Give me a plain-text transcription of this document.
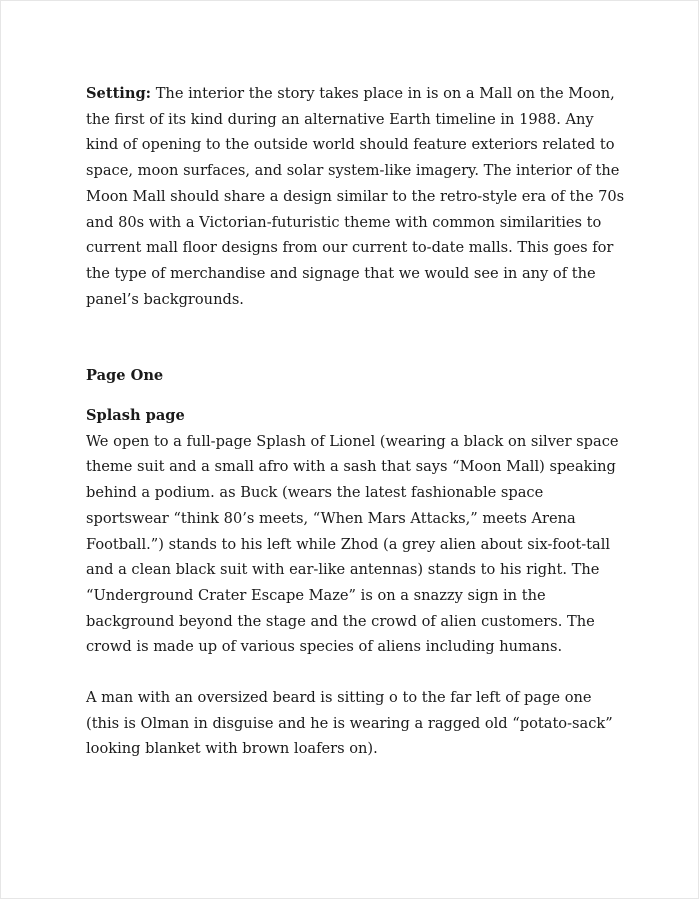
Setting: The interior the story takes place in is on a Mall on the Moon, the first of its kind during an alternative Earth timeline in 1988. Any kind of opening to the outside world should feature exteriors related to space, moon surfaces, and solar system-like imagery. The interior of the Moon Mall should share a design similar to the retro-style era of the 70s and 80s with a Victorian-futuristic theme with common similarities to current mall floor designs from our current to-date malls. This goes for the type of merchandise and signage that we would see in any of the panel’s backgrounds.

Page One

Splash page

We open to a full-page Splash of Lionel (wearing a black on silver space theme suit and a small afro with a sash that says “Moon Mall) speaking behind a podium. as Buck (wears the latest fashionable space sportswear “think 80’s meets, “When Mars Attacks,” meets Arena Football.”) stands to his left while Zhod (a grey alien about six-foot-tall and a clean black suit with ear-like antennas) stands to his right. The “Underground Crater Escape Maze” is on a snazzy sign in the background beyond the stage and the crowd of alien customers. The crowd is made up of various species of aliens including humans.

A man with an oversized beard is sitting o to the far left of page one (this is Olman in disguise and he is wearing a ragged old “potato-sack” looking blanket with brown loafers on).
